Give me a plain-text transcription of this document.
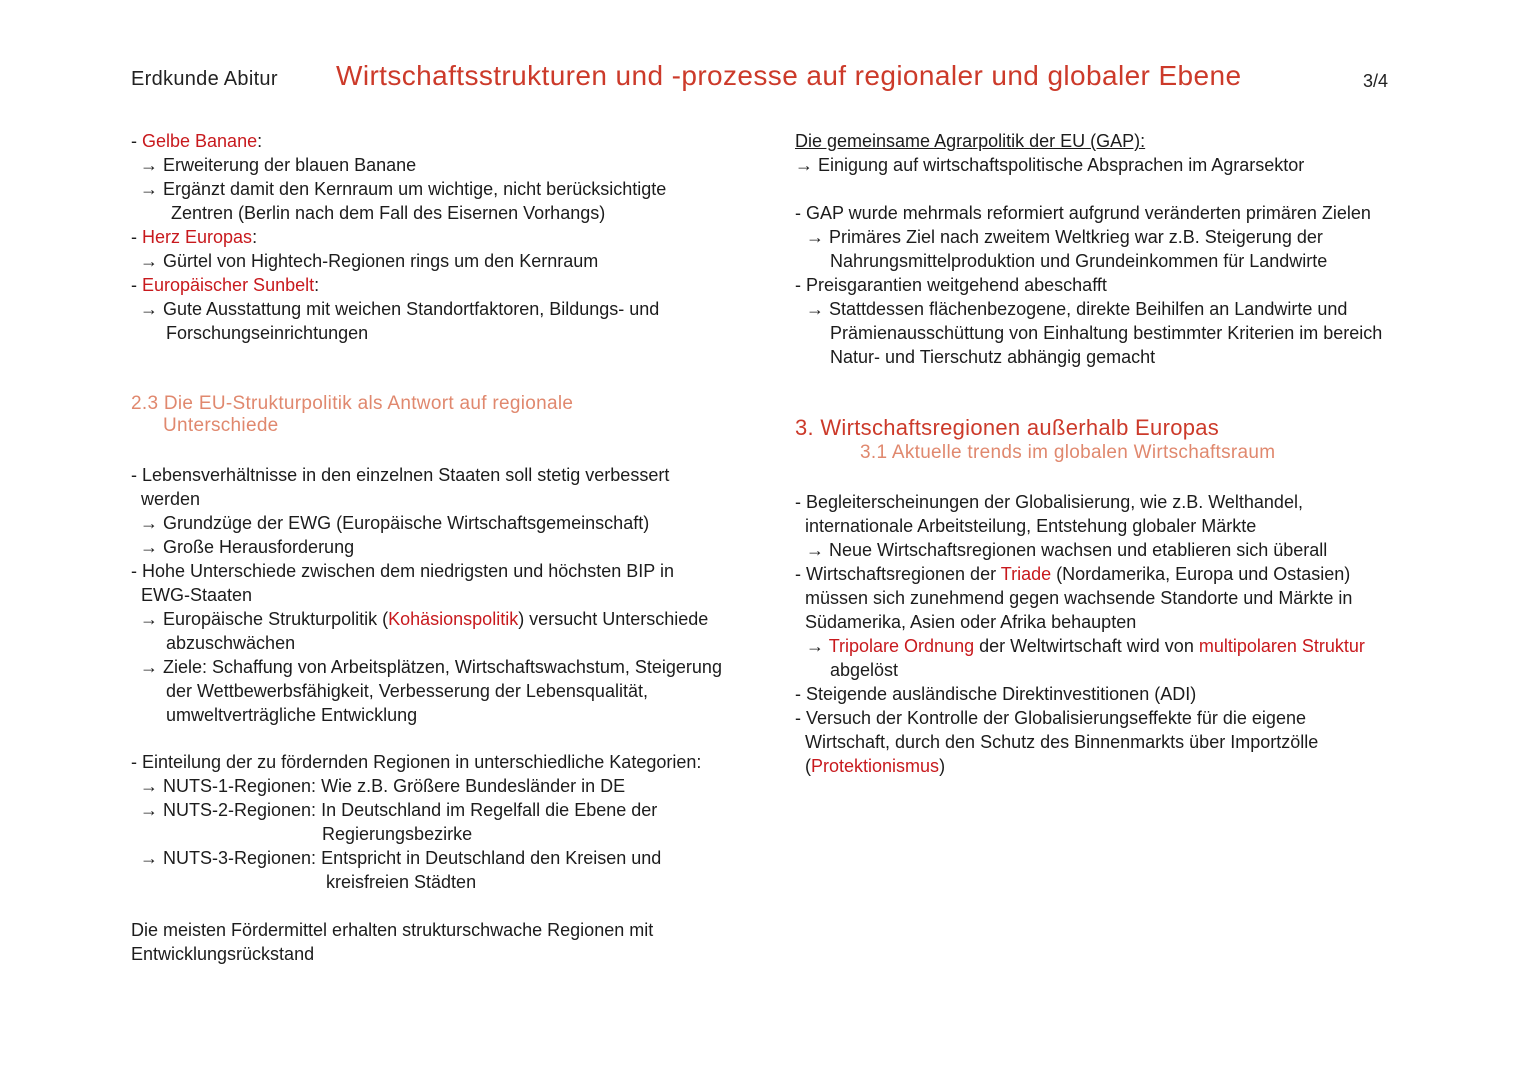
Erdkunde Abitur Wirtschaftsstrukturen und -prozesse auf regionaler und globaler Ebene	3/4
- Gelbe Banane:
→ Erweiterung der blauen Banane
→ Ergänzt damit den Kernraum um wichtige, nicht berücksichtigte
Zentren (Berlin nach dem Fall des Eisernen Vorhangs)
- Herz Europas:
→ Gürtel von Hightech-Regionen rings um den Kernraum
- Europäischer Sunbelt:
→ Gute Ausstattung mit weichen Standortfaktoren, Bildungs- und
Forschungseinrichtungen
2.3 Die EU-Strukturpolitik als Antwort auf regionale
Unterschiede
- Lebensverhältnisse in den einzelnen Staaten soll stetig verbessert
werden
→ Grundzüge der EWG (Europäische Wirtschaftsgemeinschaft)
→ Große Herausforderung
- Hohe Unterschiede zwischen dem niedrigsten und höchsten BIP in
EWG-Staaten
→ Europäische Strukturpolitik (Kohäsionspolitik) versucht Unterschiede
abzuschwächen
→ Ziele: Schaffung von Arbeitsplätzen, Wirtschaftswachstum, Steigerung
der Wettbewerbsfähigkeit, Verbesserung der Lebensqualität,
umweltverträgliche Entwicklung
- Einteilung der zu fördernden Regionen in unterschiedliche Kategorien:
→ NUTS-1-Regionen: Wie z.B. Größere Bundesländer in DE
→ NUTS-2-Regionen: In Deutschland im Regelfall die Ebene der
Regierungsbezirke
→ NUTS-3-Regionen: Entspricht in Deutschland den Kreisen und
kreisfreien Städten
Die meisten Fördermittel erhalten strukturschwache Regionen mit
Entwicklungsrückstand
Die gemeinsame Agrarpolitik der EU (GAP):
→ Einigung auf wirtschaftspolitische Absprachen im Agrarsektor
- GAP wurde mehrmals reformiert aufgrund veränderten primären Zielen
→ Primäres Ziel nach zweitem Weltkrieg war z.B. Steigerung der
Nahrungsmittelproduktion und Grundeinkommen für Landwirte
- Preisgarantien weitgehend abeschafft
→ Stattdessen flächenbezogene, direkte Beihilfen an Landwirte und
Prämienausschüttung von Einhaltung bestimmter Kriterien im bereich
Natur- und Tierschutz abhängig gemacht
3. Wirtschaftsregionen außerhalb Europas
3.1 Aktuelle trends im globalen Wirtschaftsraum
- Begleiterscheinungen der Globalisierung, wie z.B. Welthandel,
internationale Arbeitsteilung, Entstehung globaler Märkte
→ Neue Wirtschaftsregionen wachsen und etablieren sich überall
- Wirtschaftsregionen der Triade (Nordamerika, Europa und Ostasien)
müssen sich zunehmend gegen wachsende Standorte und Märkte in
Südamerika, Asien oder Afrika behaupten
→ Tripolare Ordnung der Weltwirtschaft wird von multipolaren Struktur
abgelöst
- Steigende ausländische Direktinvestitionen (ADI)
- Versuch der Kontrolle der Globalisierungseffekte für die eigene
Wirtschaft, durch den Schutz des Binnenmarkts über Importzölle
(Protektionismus)
